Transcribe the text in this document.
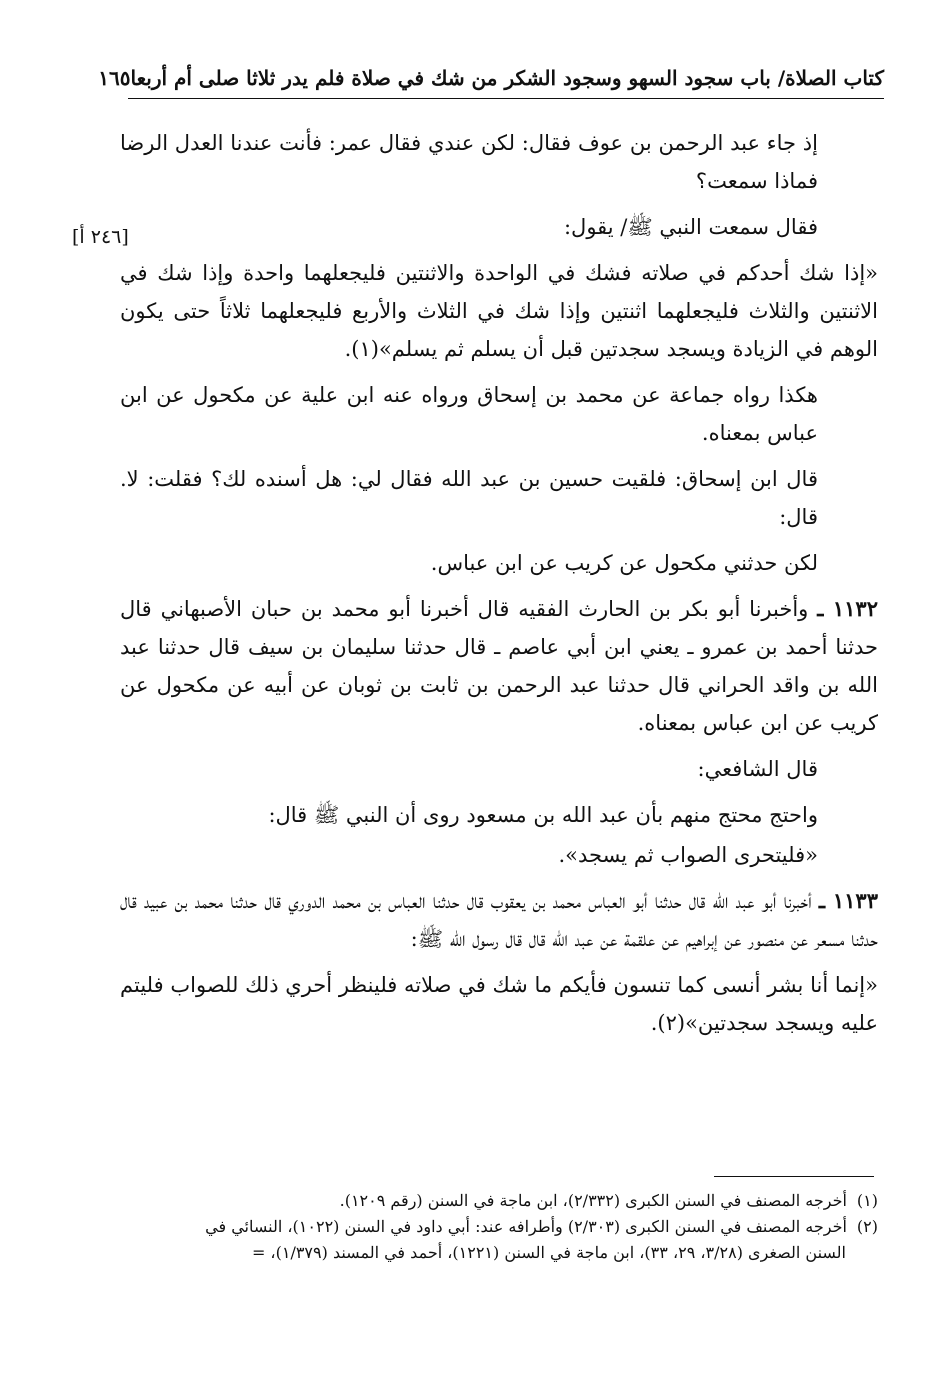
كتاب الصلاة/ باب سجود السهو وسجود الشكر من شك في صلاة فلم يدر ثلاثا صلى أم أربعا
١٦٥
[٢٤٦ أ]

إذ جاء عبد الرحمن بن عوف فقال: لكن عندي فقال عمر: فأنت عندنا العدل الرضا فماذا سمعت؟

فقال سمعت النبي ﷺ/ يقول:

«إذا شك أحدكم في صلاته فشك في الواحدة والاثنتين فليجعلهما واحدة وإذا شك في الاثنتين والثلاث فليجعلهما اثنتين وإذا شك في الثلاث والأربع فليجعلهما ثلاثاً حتى يكون الوهم في الزيادة ويسجد سجدتين قبل أن يسلم ثم يسلم»(١).

هكذا رواه جماعة عن محمد بن إسحاق ورواه عنه ابن علية عن مكحول عن ابن عباس بمعناه.

قال ابن إسحاق: فلقيت حسين بن عبد الله فقال لي: هل أسنده لك؟ فقلت: لا. قال:

لكن حدثني مكحول عن كريب عن ابن عباس.

١١٣٢ ـ وأخبرنا أبو بكر بن الحارث الفقيه قال أخبرنا أبو محمد بن حبان الأصبهاني قال حدثنا أحمد بن عمرو ـ يعني ابن أبي عاصم ـ قال حدثنا سليمان بن سيف قال حدثنا عبد الله بن واقد الحراني قال حدثنا عبد الرحمن بن ثابت بن ثوبان عن أبيه عن مكحول عن كريب عن ابن عباس بمعناه.

قال الشافعي:

واحتج محتج منهم بأن عبد الله بن مسعود روى أن النبي ﷺ قال:

«فليتحرى الصواب ثم يسجد».

١١٣٣ ـ أخبرنا أبو عبد الله قال حدثنا أبو العباس محمد بن يعقوب قال حدثنا العباس بن محمد الدوري قال حدثنا محمد بن عبيد قال حدثنا مسعر عن منصور عن إبراهيم عن علقمة عن عبد الله قال قال رسول الله ﷺ:

«إنما أنا بشر أنسى كما تنسون فأيكم ما شك في صلاته فلينظر أحري ذلك للصواب فليتم عليه ويسجد سجدتين»(٢).

(١)أخرجه المصنف في السنن الكبرى (٢/٣٣٢)، ابن ماجة في السنن (رقم ١٢٠٩).

(٢)أخرجه المصنف في السنن الكبرى (٢/٣٠٣) وأطرافه عند: أبي داود في السنن (١٠٢٢)، النسائي في

السنن الصغرى (٣/٢٨، ٢٩، ٣٣)، ابن ماجة في السنن (١٢٢١)، أحمد في المسند (١/٣٧٩)، =
